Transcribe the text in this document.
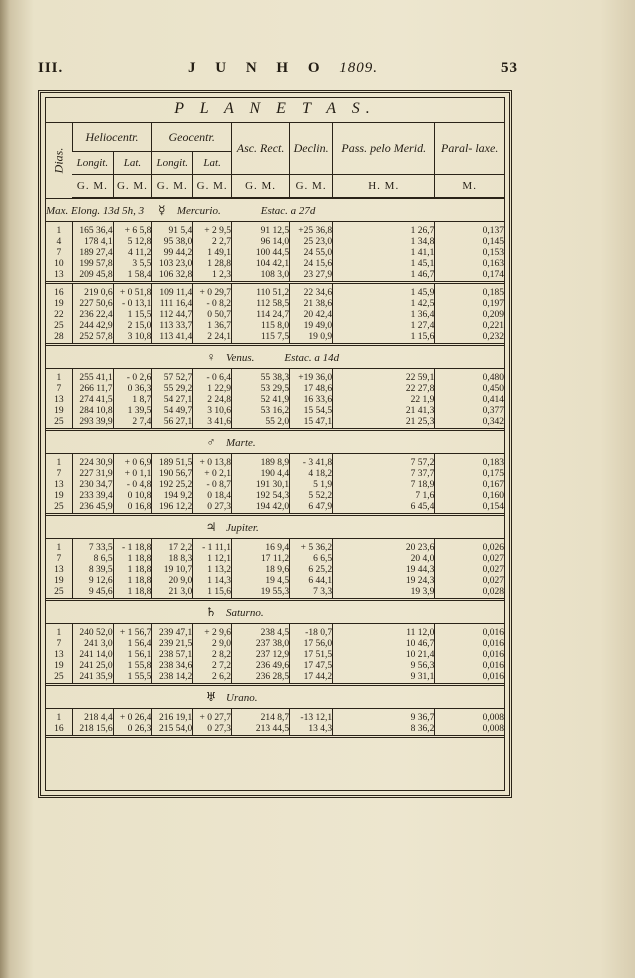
III.	J U N H O 1809.	53
P L A N E T A S.
Dias.	Heliocentr.		Geocentr.		Asc. Rect.	Declin.	Pass. pelo Merid.	Paral- laxe.
	Longit.	Lat.	Longit.	Lat.				
	G. M.	G. M.	G. M.	G. M.	G. M.	G. M.	H. M.	M.
Max. Elong. 13d 5h, 3 ☿ Mercurio. Estac. a 27d								

1	165 36,4	+ 6 5,8	91 5,4	+ 2 9,5	91 12,5	+25 36,8	1 26,7	0,137
4	178 4,1	5 12,8	95 38,0	2 2,7	96 14,0	25 23,0	1 34,8	0,145
7	189 27,4	4 11,2	99 44,2	1 49,1	100 44,5	24 55,0	1 41,1	0,153
10	199 57,8	3 5,5	103 23,0	1 28,8	104 42,1	24 15,6	1 45,1	0,163
13	209 45,8	1 58,4	106 32,8	1 2,3	108 3,0	23 27,9	1 46,7	0,174

16	219 0,6	+ 0 51,8	109 11,4	+ 0 29,7	110 51,2	22 34,6	1 45,9	0,185
19	227 50,6	- 0 13,1	111 16,4	- 0 8,2	112 58,5	21 38,6	1 42,5	0,197
22	236 22,4	1 15,5	112 44,7	0 50,7	114 24,7	20 42,4	1 36,4	0,209
25	244 42,9	2 15,0	113 33,7	1 36,7	115 8,0	19 49,0	1 27,4	0,221
28	252 57,8	3 10,8	113 41,4	2 24,1	115 7,5	19 0,9	1 15,6	0,232
♀ Venus. Estac. a 14d								

1	255 41,1	- 0 2,6	57 52,7	- 0 6,4	55 38,3	+19 36,0	22 59,1	0,480
7	266 11,7	0 36,3	55 29,2	1 22,9	53 29,5	17 48,6	22 27,8	0,450
13	274 41,5	1 8,7	54 27,1	2 24,8	52 41,9	16 33,6	22 1,9	0,414
19	284 10,8	1 39,5	54 49,7	3 10,6	53 16,2	15 54,5	21 41,3	0,377
25	293 39,9	2 7,4	56 27,1	3 41,6	55 2,0	15 47,1	21 25,3	0,342
♂ Marte.								

1	224 30,9	+ 0 6,9	189 51,5	+ 0 13,8	189 8,9	- 3 41,8	7 57,2	0,183
7	227 31,9	+ 0 1,1	190 56,7	+ 0 2,1	190 4,4	4 18,2	7 37,7	0,175
13	230 34,7	- 0 4,8	192 25,2	- 0 8,7	191 30,1	5 1,9	7 18,9	0,167
19	233 39,4	0 10,8	194 9,2	0 18,4	192 54,3	5 52,2	7 1,6	0,160
25	236 45,9	0 16,8	196 12,2	0 27,3	194 42,0	6 47,9	6 45,4	0,154
♃ Jupiter.								

1	7 33,5	- 1 18,8	17 2,2	- 1 11,1	16 9,4	+ 5 36,2	20 23,6	0,026
7	8 6,5	1 18,8	18 8,3	1 12,1	17 11,2	6 6,5	20 4,0	0,027
13	8 39,5	1 18,8	19 10,7	1 13,2	18 9,6	6 25,2	19 44,3	0,027
19	9 12,6	1 18,8	20 9,0	1 14,3	19 4,5	6 44,1	19 24,3	0,027
25	9 45,6	1 18,8	21 3,0	1 15,6	19 55,3	7 3,3	19 3,9	0,028
♄ Saturno.								

1	240 52,0	+ 1 56,7	239 47,1	+ 2 9,6	238 4,5	-18 0,7	11 12,0	0,016
7	241 3,0	1 56,4	239 21,5	2 9,0	237 38,0	17 56,0	10 46,7	0,016
13	241 14,0	1 56,1	238 57,1	2 8,2	237 12,9	17 51,5	10 21,4	0,016
19	241 25,0	1 55,8	238 34,6	2 7,2	236 49,6	17 47,5	9 56,3	0,016
25	241 35,9	1 55,5	238 14,2	2 6,2	236 28,5	17 44,2	9 31,1	0,016
♅ Urano.								

1	218 4,4	+ 0 26,4	216 19,1	+ 0 27,7	214 8,7	-13 12,1	9 36,7	0,008
16	218 15,6	0 26,3	215 54,0	0 27,3	213 44,5	13 4,3	8 36,2	0,008
